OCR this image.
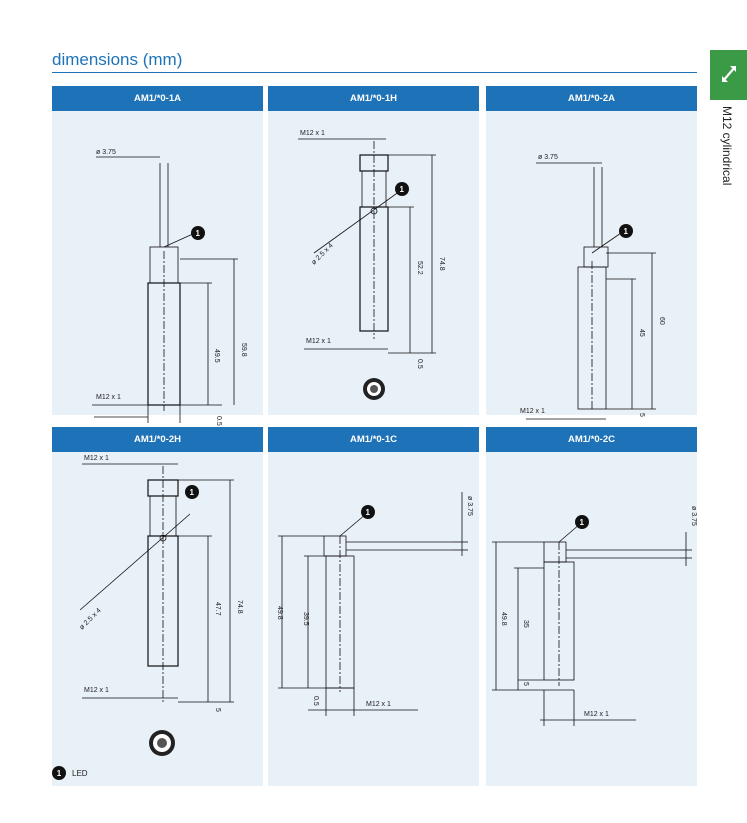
dimensions (mm)
M12 cylindrical
AM1/*0-1A
ø 3.75
59.8
49.5
0.5
M12 x 1
1
AM1/*0-1H
M12 x 1
74.8
52.2
0.5
M12 x 1
ø 2.5 x 4
1
AM1/*0-2A
ø 3.75
60
45
5
M12 x 1
1
AM1/*0-2H
M12 x 1
74.8
47.7
5
M12 x 1
ø 2.5 x 4
1
AM1/*0-1C
ø 3.75
49.8	39.5
0.5	M12 x 1
1
AM1/*0-2C
ø 3.75
49.8 35
5
M12 x 1
1
1	LED
